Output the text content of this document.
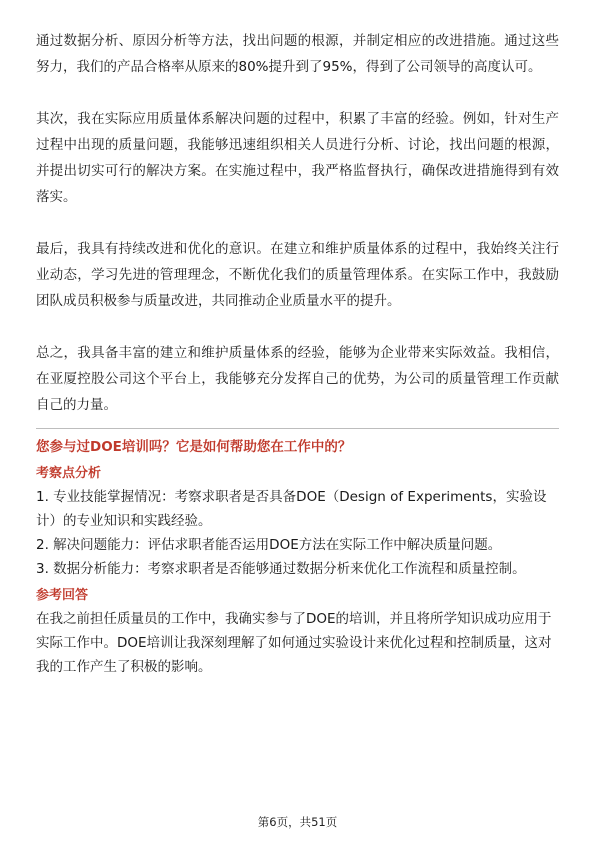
通过数据分析、原因分析等方法，找出问题的根源，并制定相应的改进措施。通过这些努力，我们的产品合格率从原来的80%提升到了95%，得到了公司领导的高度认可。

其次，我在实际应用质量体系解决问题的过程中，积累了丰富的经验。例如，针对生产过程中出现的质量问题，我能够迅速组织相关人员进行分析、讨论，找出问题的根源，并提出切实可行的解决方案。在实施过程中，我严格监督执行，确保改进措施得到有效落实。

最后，我具有持续改进和优化的意识。在建立和维护质量体系的过程中，我始终关注行业动态，学习先进的管理理念，不断优化我们的质量管理体系。在实际工作中，我鼓励团队成员积极参与质量改进，共同推动企业质量水平的提升。

总之，我具备丰富的建立和维护质量体系的经验，能够为企业带来实际效益。我相信，在亚厦控股公司这个平台上，我能够充分发挥自己的优势，为公司的质量管理工作贡献自己的力量。

您参与过DOE培训吗？它是如何帮助您在工作中的？

考察点分析

1. 专业技能掌握情况：考察求职者是否具备DOE（Design of Experiments，实验设计）的专业知识和实践经验。

2. 解决问题能力：评估求职者能否运用DOE方法在实际工作中解决质量问题。

3. 数据分析能力：考察求职者是否能够通过数据分析来优化工作流程和质量控制。

参考回答

在我之前担任质量员的工作中，我确实参与了DOE的培训，并且将所学知识成功应用于实际工作中。DOE培训让我深刻理解了如何通过实验设计来优化过程和控制质量，这对我的工作产生了积极的影响。

第6页，共51页
